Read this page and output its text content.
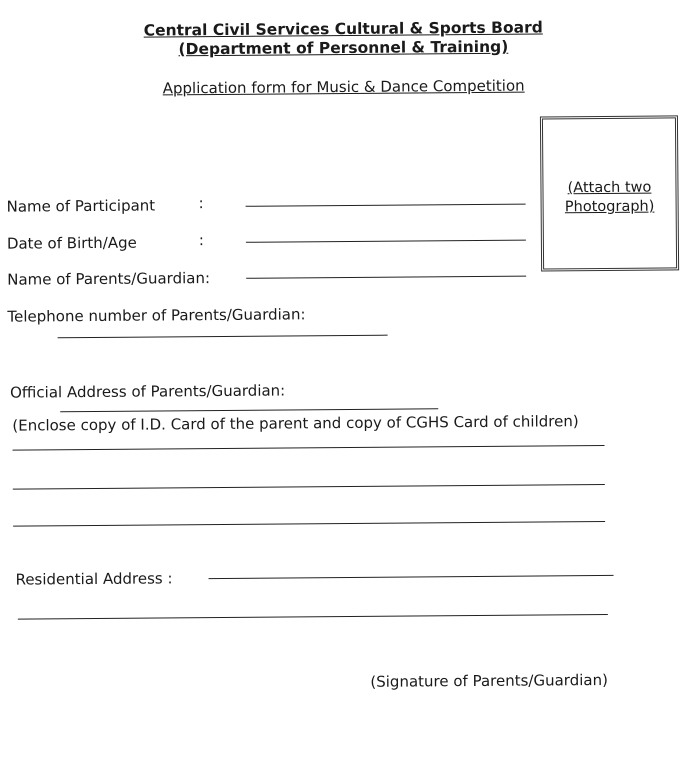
Central Civil Services Cultural & Sports Board
(Department of Personnel & Training)
Application form for Music & Dance Competition
(Attach two
Photograph)
Name of Participant	:
Date of Birth/Age	:
Name of Parents/Guardian:
Telephone number of Parents/Guardian:
Official Address of Parents/Guardian:
(Enclose copy of I.D. Card of the parent and copy of CGHS Card of children)
Residential Address :
(Signature of Parents/Guardian)
